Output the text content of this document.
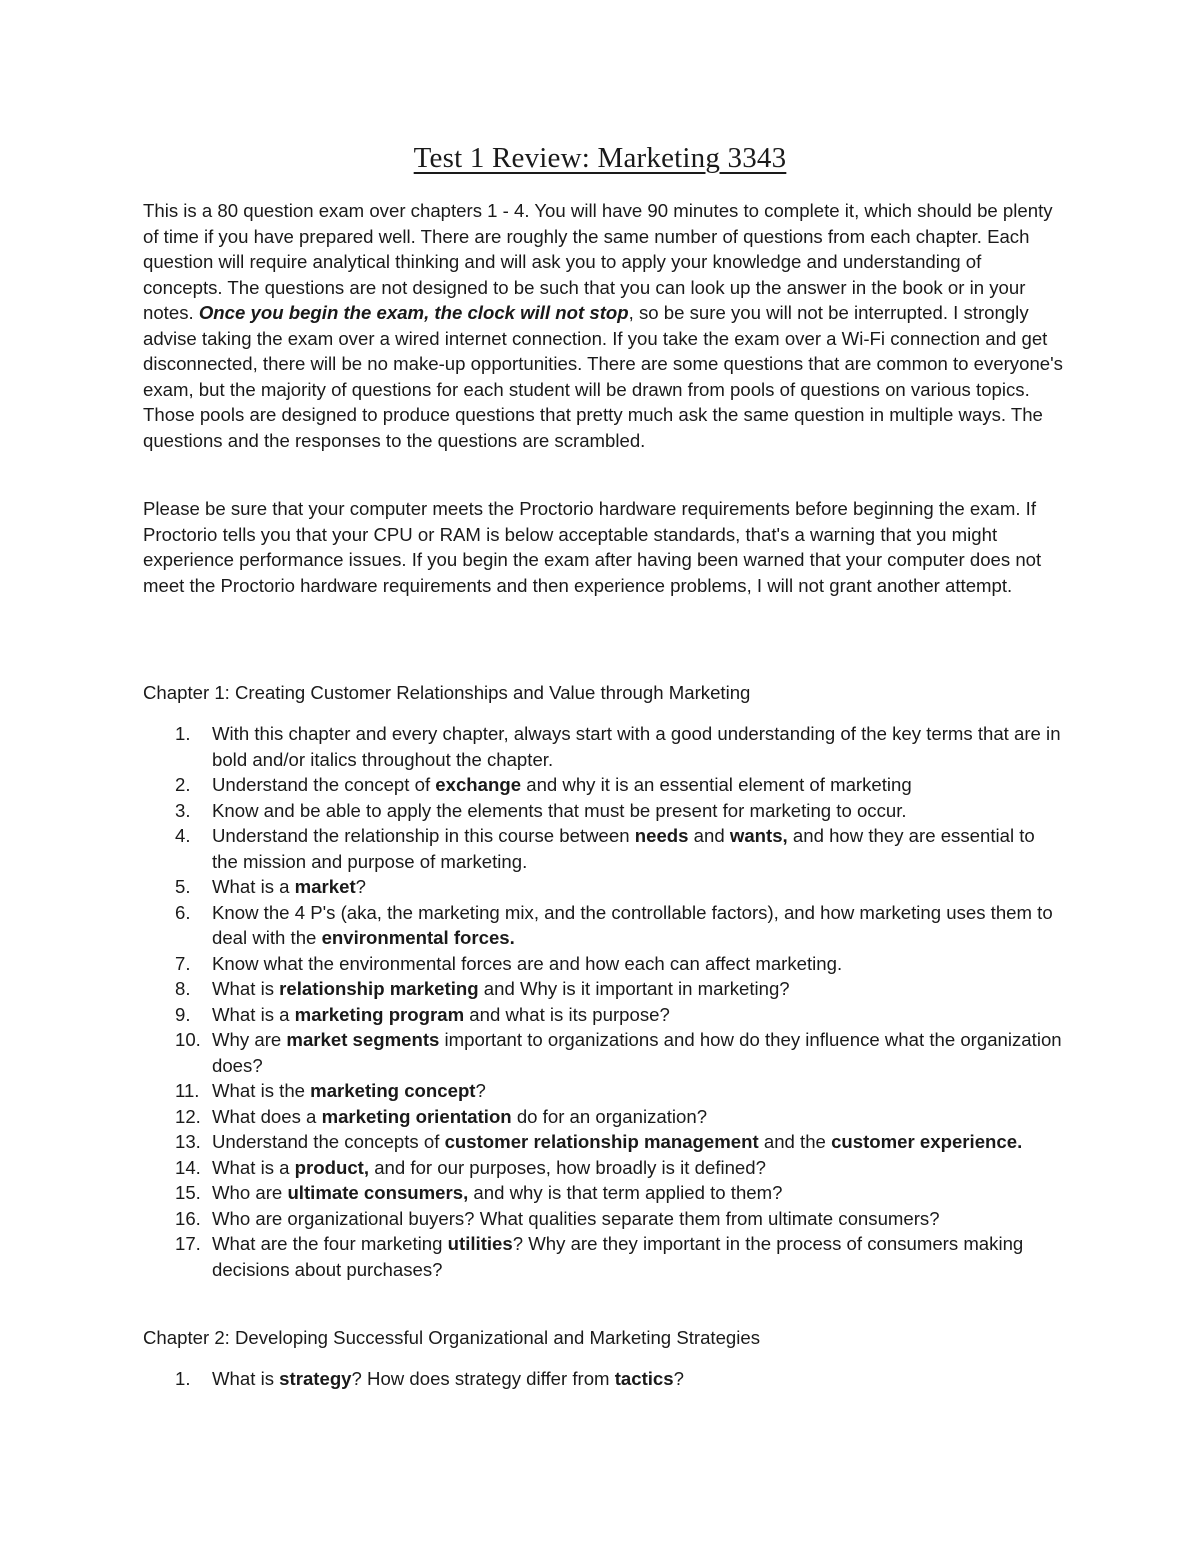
Test 1 Review: Marketing 3343

This is a 80 question exam over chapters 1 - 4. You will have 90 minutes to complete it, which should be plenty of time if you have prepared well. There are roughly the same number of questions from each chapter. Each question will require analytical thinking and will ask you to apply your knowledge and understanding of concepts. The questions are not designed to be such that you can look up the answer in the book or in your notes. Once you begin the exam, the clock will not stop, so be sure you will not be interrupted. I strongly advise taking the exam over a wired internet connection. If you take the exam over a Wi-Fi connection and get disconnected, there will be no make-up opportunities. There are some questions that are common to everyone's exam, but the majority of questions for each student will be drawn from pools of questions on various topics. Those pools are designed to produce questions that pretty much ask the same question in multiple ways. The questions and the responses to the questions are scrambled.

Please be sure that your computer meets the Proctorio hardware requirements before beginning the exam. If Proctorio tells you that your CPU or RAM is below acceptable standards, that's a warning that you might experience performance issues. If you begin the exam after having been warned that your computer does not meet the Proctorio hardware requirements and then experience problems, I will not grant another attempt.

Chapter 1: Creating Customer Relationships and Value through Marketing

1.	With this chapter and every chapter, always start with a good understanding of the key terms that are in bold and/or italics throughout the chapter.
2.	Understand the concept of exchange and why it is an essential element of marketing
3.	Know and be able to apply the elements that must be present for marketing to occur.
4.	Understand the relationship in this course between needs and wants, and how they are essential to the mission and purpose of marketing.
5.	What is a market?
6.	Know the 4 P's (aka, the marketing mix, and the controllable factors), and how marketing uses them to deal with the environmental forces.
7.	Know what the environmental forces are and how each can affect marketing.
8.	What is relationship marketing and Why is it important in marketing?
9.	What is a marketing program and what is its purpose?
10. Why are market segments important to organizations and how do they influence what the organization does?
11. What is the marketing concept?
12. What does a marketing orientation do for an organization?
13. Understand the concepts of customer relationship management and the customer experience.
14. What is a product, and for our purposes, how broadly is it defined?
15. Who are ultimate consumers, and why is that term applied to them?
16. Who are organizational buyers? What qualities separate them from ultimate consumers?
17. What are the four marketing utilities? Why are they important in the process of consumers making decisions about purchases?

Chapter 2: Developing Successful Organizational and Marketing Strategies

1.	What is strategy? How does strategy differ from tactics?
